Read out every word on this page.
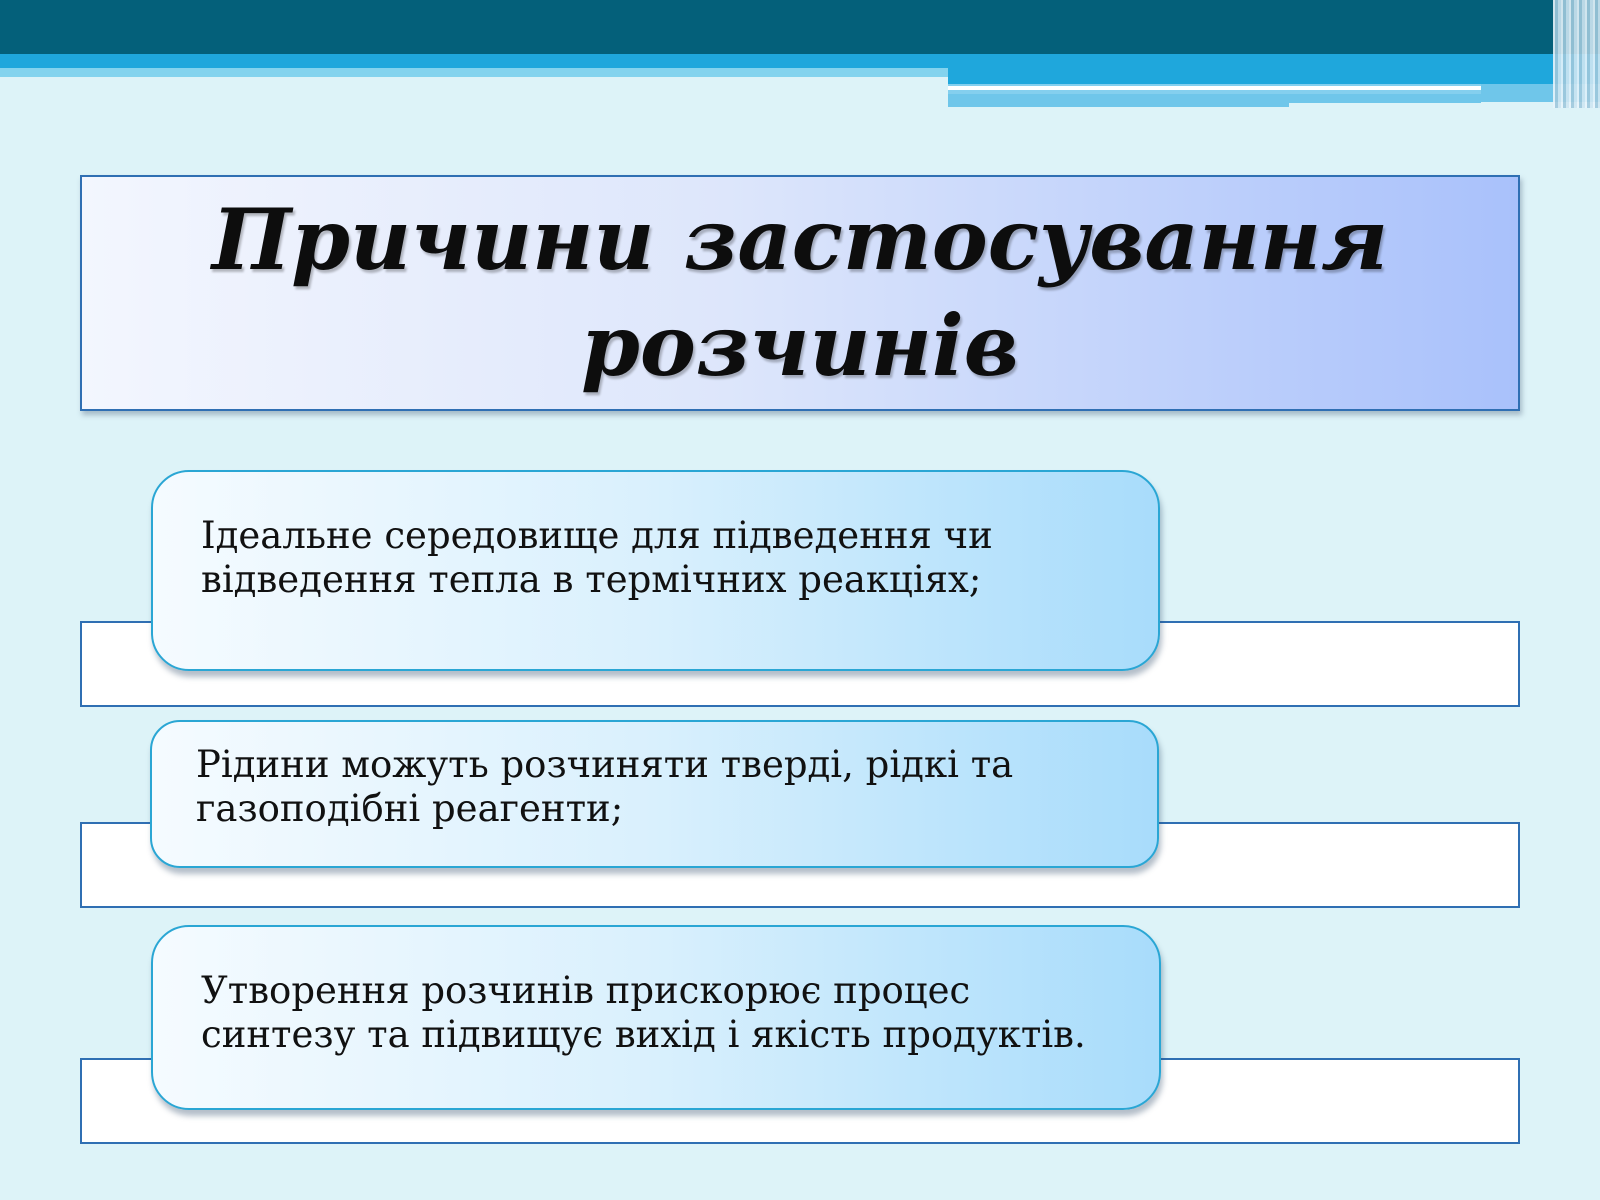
Причини застосування
розчинів

Ідеальне середовище для підведення чи
відведення тепла в термічних реакціях;

Рідини можуть розчиняти тверді, рідкі та
газоподібні реагенти;

Утворення розчинів прискорює процес
синтезу та підвищує вихід і якість продуктів.
